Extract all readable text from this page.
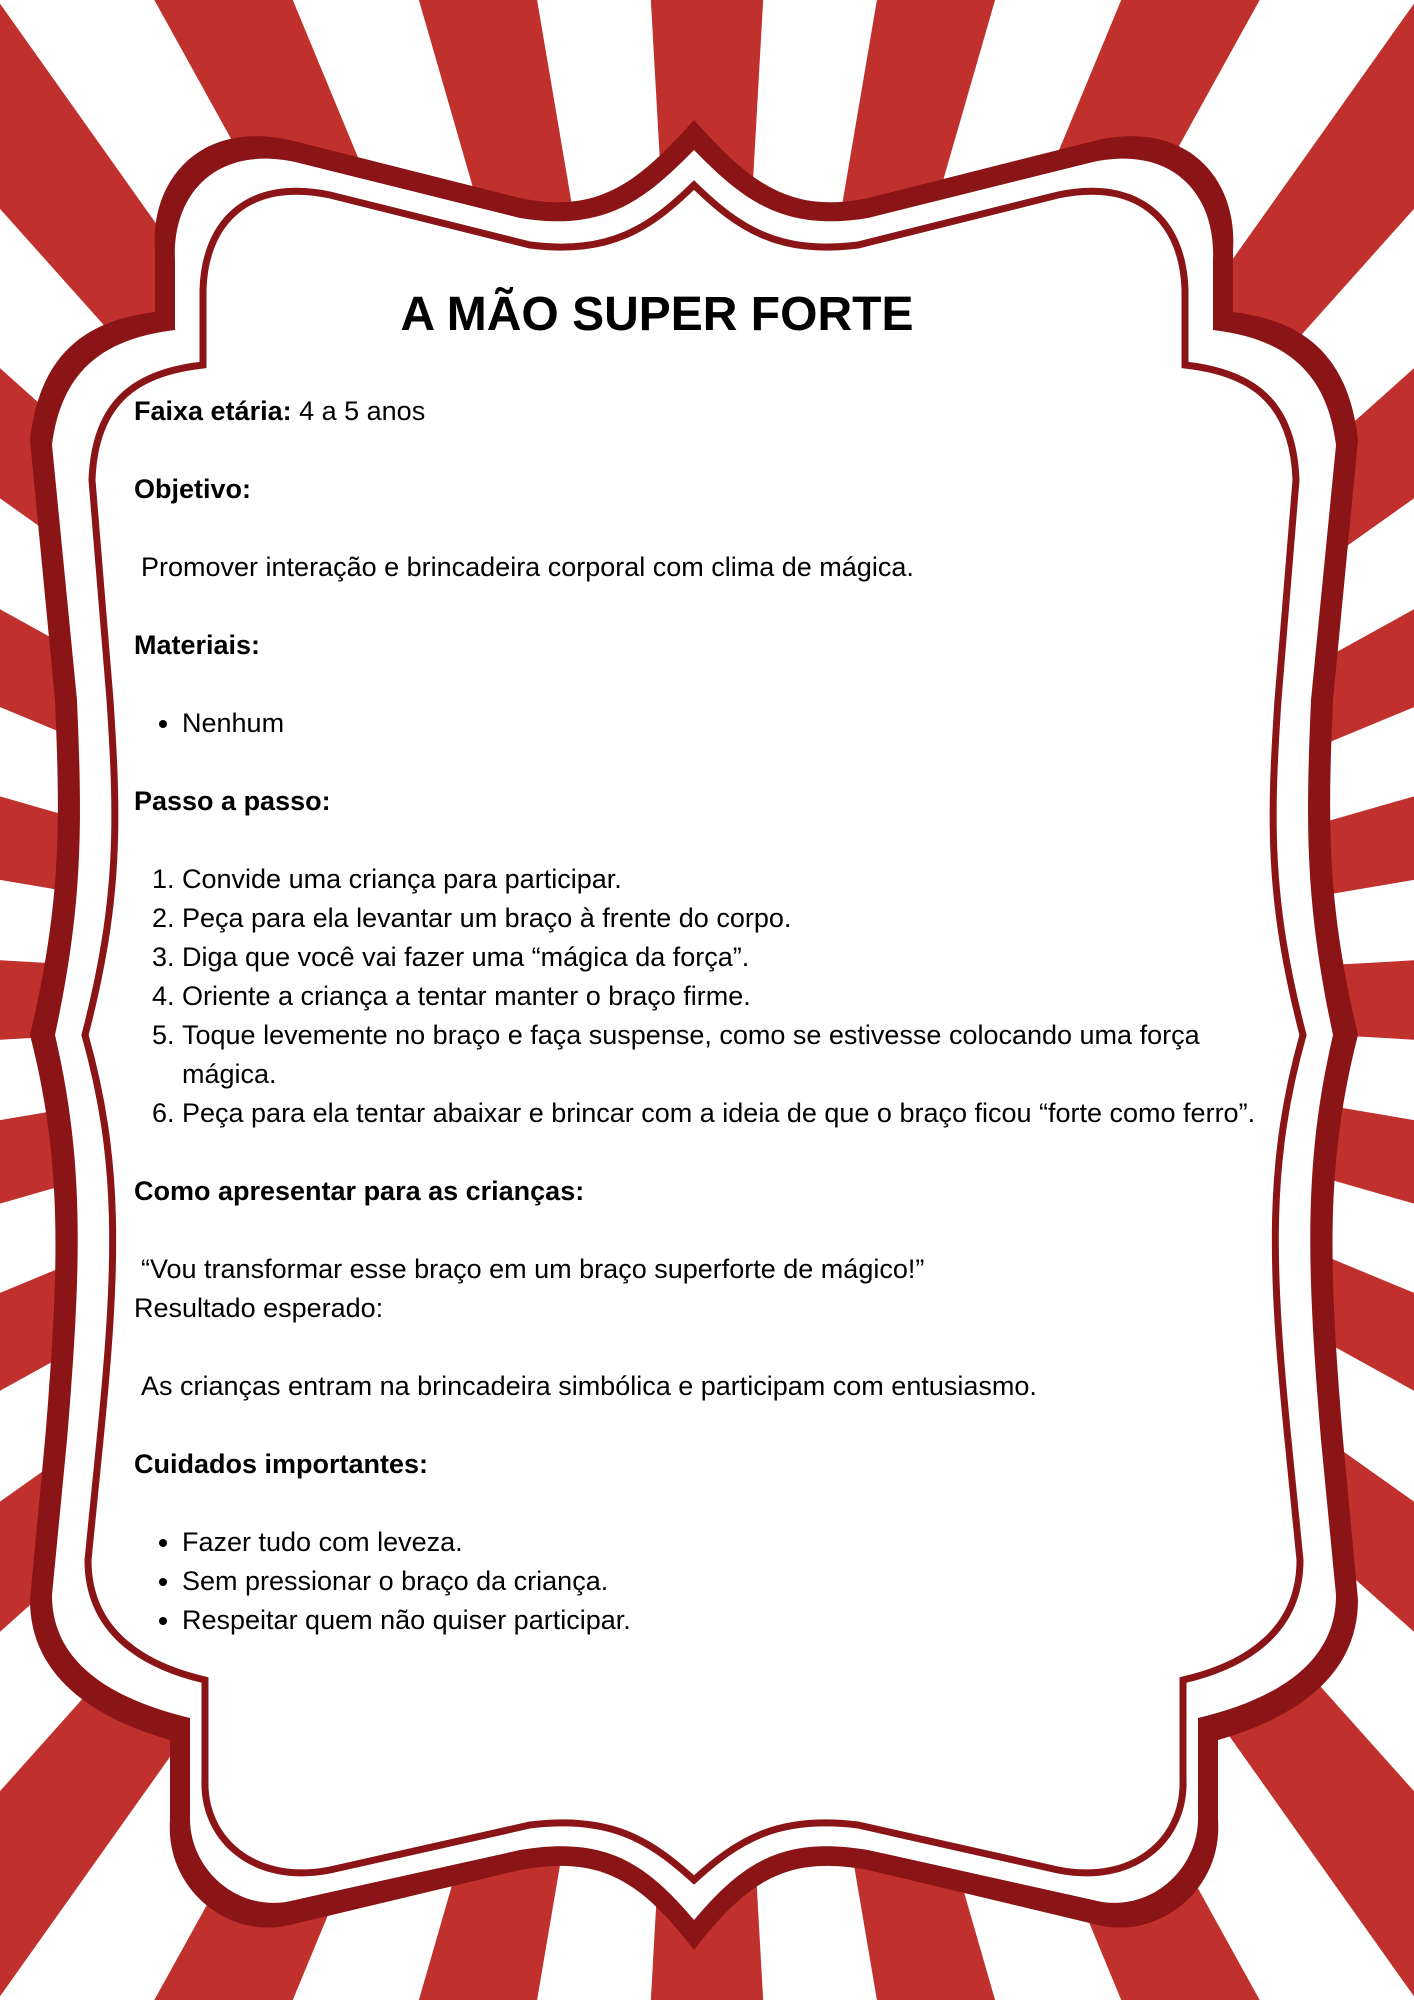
A MÃO SUPER FORTE

Faixa etária: 4 a 5 anos

Objetivo:

Promover interação e brincadeira corporal com clima de mágica.

Materiais:

• Nenhum

Passo a passo:

1. Convide uma criança para participar.
2. Peça para ela levantar um braço à frente do corpo.
3. Diga que você vai fazer uma “mágica da força”.
4. Oriente a criança a tentar manter o braço firme.
5. Toque levemente no braço e faça suspense, como se estivesse colocando uma força mágica.
6. Peça para ela tentar abaixar e brincar com a ideia de que o braço ficou “forte como ferro”.

Como apresentar para as crianças:

“Vou transformar esse braço em um braço superforte de mágico!”

Resultado esperado:

As crianças entram na brincadeira simbólica e participam com entusiasmo.

Cuidados importantes:

• Fazer tudo com leveza.
• Sem pressionar o braço da criança.
• Respeitar quem não quiser participar.
